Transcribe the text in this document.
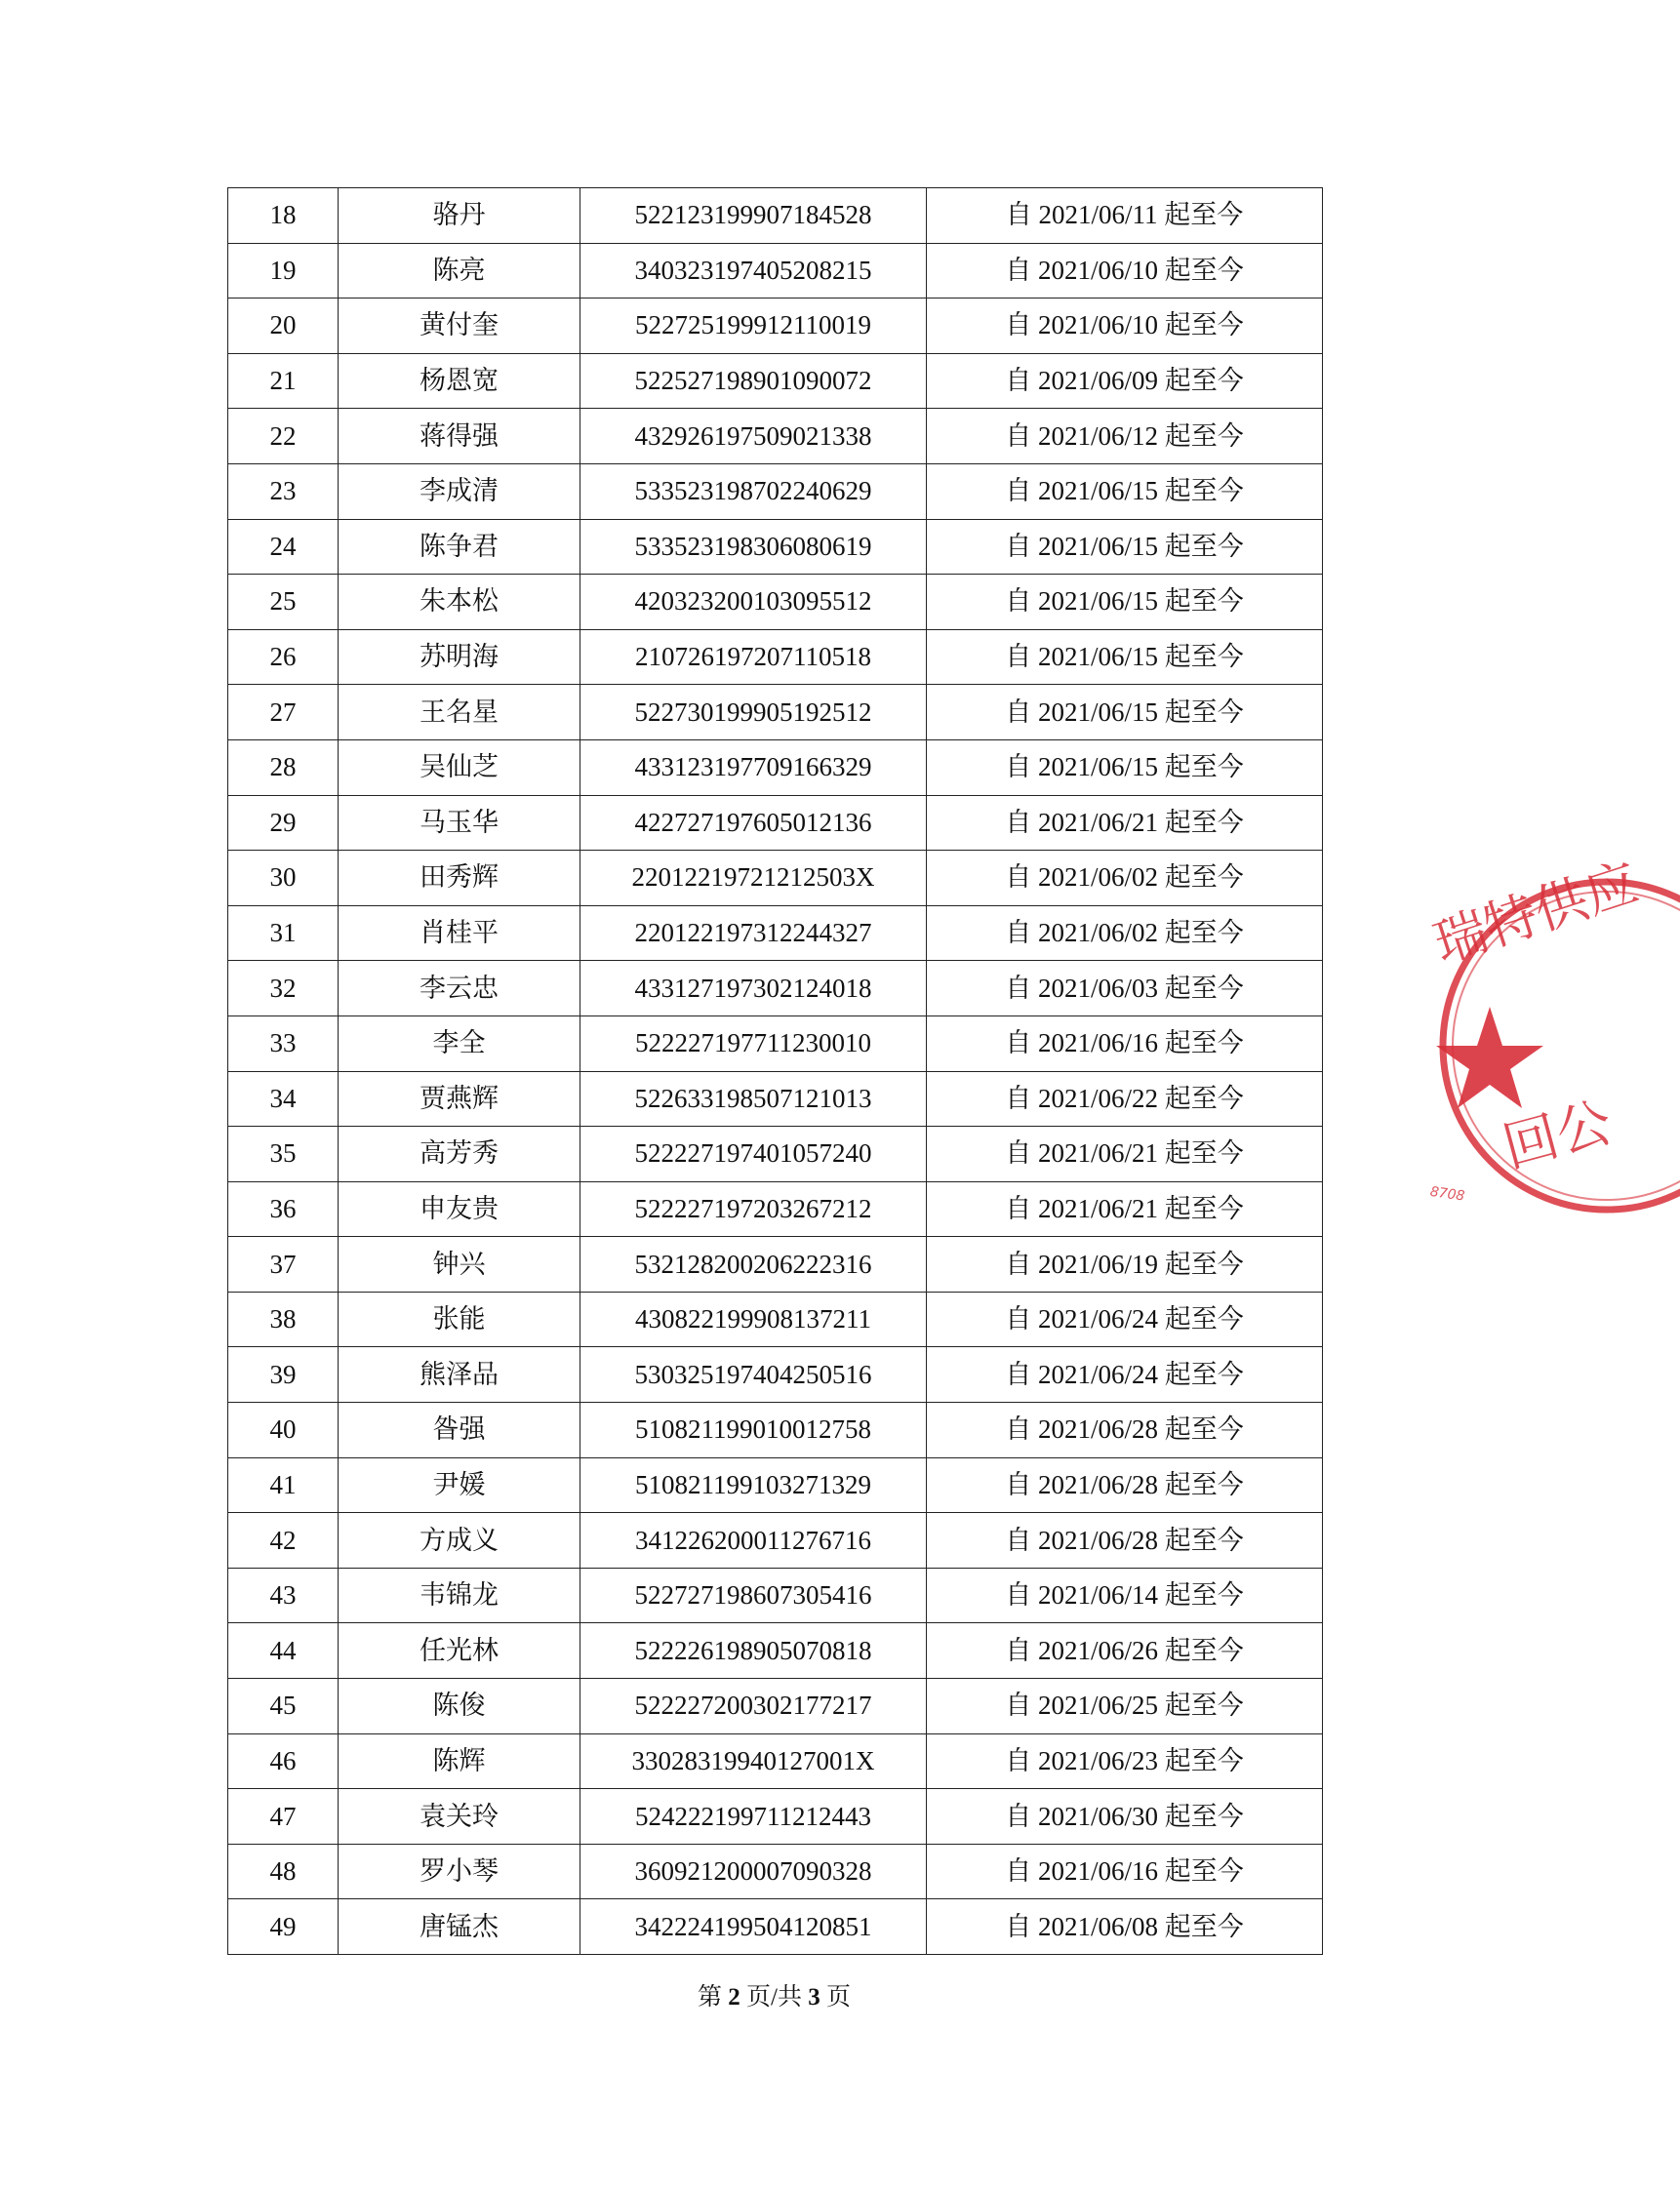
18	骆丹	522123199907184528	自 2021/06/11 起至今
19	陈亮	340323197405208215	自 2021/06/10 起至今
20	黄付奎	522725199912110019	自 2021/06/10 起至今
21	杨恩宽	522527198901090072	自 2021/06/09 起至今
22	蒋得强	432926197509021338	自 2021/06/12 起至今
23	李成清	533523198702240629	自 2021/06/15 起至今
24	陈争君	533523198306080619	自 2021/06/15 起至今
25	朱本松	420323200103095512	自 2021/06/15 起至今
26	苏明海	210726197207110518	自 2021/06/15 起至今
27	王名星	522730199905192512	自 2021/06/15 起至今
28	吴仙芝	433123197709166329	自 2021/06/15 起至今
29	马玉华	422727197605012136	自 2021/06/21 起至今
30	田秀辉	22012219721212503X	自 2021/06/02 起至今
31	肖桂平	220122197312244327	自 2021/06/02 起至今
32	李云忠	433127197302124018	自 2021/06/03 起至今
33	李全	522227197711230010	自 2021/06/16 起至今
34	贾燕辉	522633198507121013	自 2021/06/22 起至今
35	高芳秀	522227197401057240	自 2021/06/21 起至今
36	申友贵	522227197203267212	自 2021/06/21 起至今
37	钟兴	532128200206222316	自 2021/06/19 起至今
38	张能	430822199908137211	自 2021/06/24 起至今
39	熊泽品	530325197404250516	自 2021/06/24 起至今
40	昝强	510821199010012758	自 2021/06/28 起至今
41	尹媛	510821199103271329	自 2021/06/28 起至今
42	方成义	341226200011276716	自 2021/06/28 起至今
43	韦锦龙	522727198607305416	自 2021/06/14 起至今
44	任光林	522226198905070818	自 2021/06/26 起至今
45	陈俊	522227200302177217	自 2021/06/25 起至今
46	陈辉	33028319940127001X	自 2021/06/23 起至今
47	袁关玲	524222199711212443	自 2021/06/30 起至今
48	罗小琴	360921200007090328	自 2021/06/16 起至今
49	唐锰杰	342224199504120851	自 2021/06/08 起至今
第 2 页/共 3 页
瑞特供应
回公
8708
